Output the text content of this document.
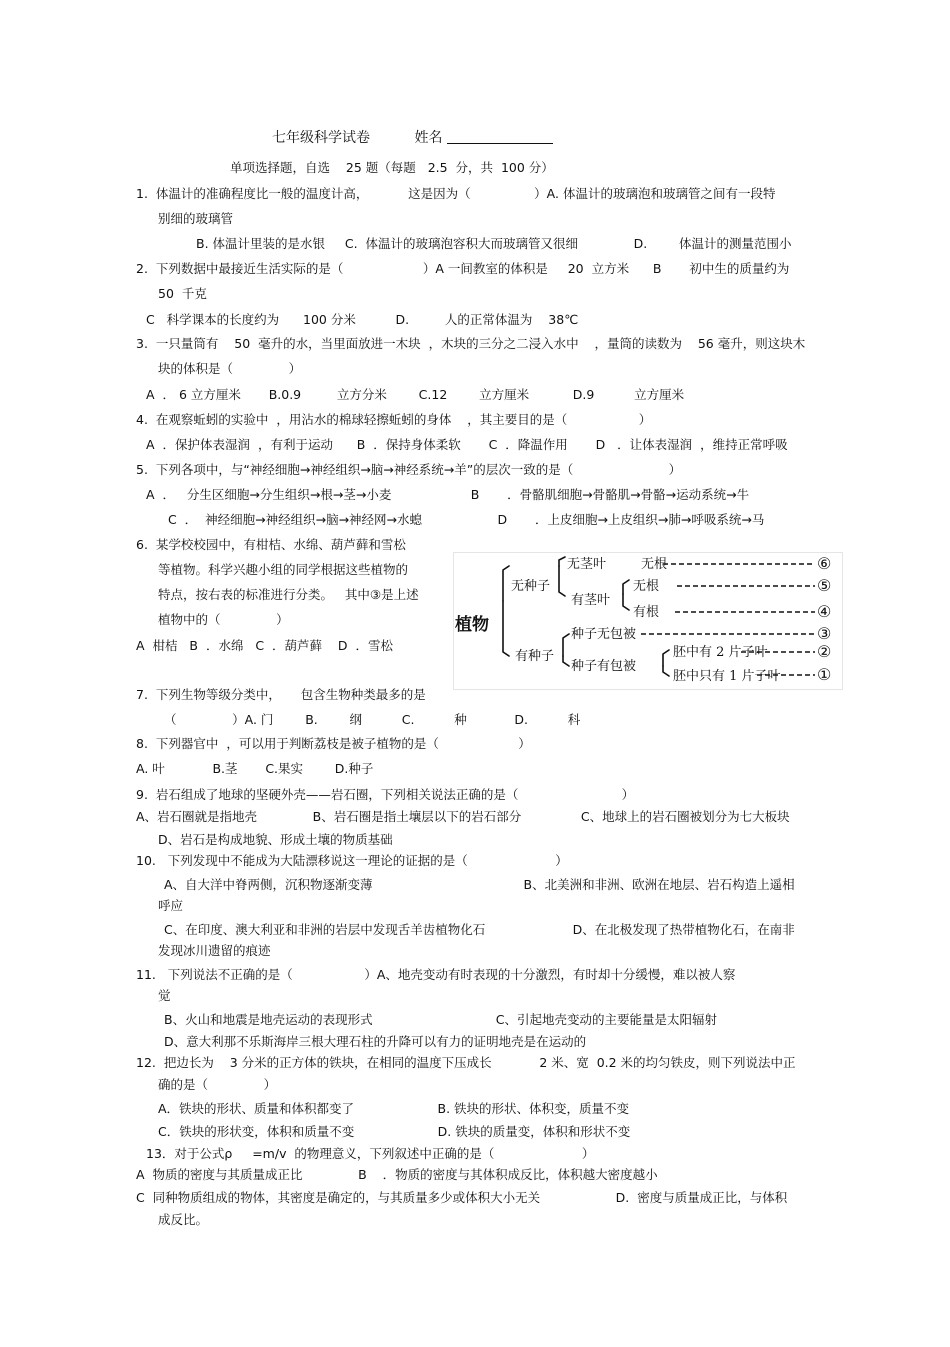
七年级科学试卷	姓名
单项选择题，自选    25 题（每题   2.5  分，共  100 分）
1.  体温计的准确程度比一般的温度计高，          这是因为（                ）A. 体温计的玻璃泡和玻璃管之间有一段特
别细的玻璃管
B. 体温计里装的是水银     C.  体温计的玻璃泡容积大而玻璃管又很细              D.        体温计的测量范围小
2.  下列数据中最接近生活实际的是（                    ）A 一间教室的体积是     20  立方米      B       初中生的质量约为
50  千克
C   科学课本的长度约为      100 分米          D.         人的正常体温为    38℃
3.  一只量筒有    50  毫升的水，当里面放进一木块  ，木块的三分之二浸入水中    ，量筒的读数为    56 毫升，则这块木
块的体积是（              ）
A  ． 6 立方厘米       B.0.9         立方分米        C.12        立方厘米           D.9          立方厘米
4.  在观察蚯蚓的实验中  ，用沾水的棉球轻擦蚯蚓的身体    ，其主要目的是（                  ）
A  ．保护体表湿润  ，有利于运动      B  ．保持身体柔软       C  ．降温作用       D   ．让体表湿润  ，维持正常呼吸
5.  下列各项中，与“神经细胞→神经组织→脑→神经系统→羊”的层次一致的是（                        ）
A  ．   分生区细胞→分生组织→根→茎→小麦                    B       ．骨骼肌细胞→骨骼肌→骨骼→运动系统→牛
C  ．  神经细胞→神经组织→脑→神经网→水螅                   D       ．上皮细胞→上皮组织→肺→呼吸系统→马
6.  某学校校园中，有柑桔、水绵、葫芦藓和雪松
等植物。科学兴趣小组的同学根据这些植物的
特点，按右表的标准进行分类。   其中③是上述
植物中的（              ）
A  柑桔   B  ．水绵   C  ．葫芦藓    D  ．雪松
植物
无种子
有种子
无茎叶	无根
有茎叶
无根
有根
种子无包被
种子有包被
胚中有 2 片子叶
胚中只有 1 片子叶
⑥
⑤
④
③
②
①
7.  下列生物等级分类中，     包含生物种类最多的是
（              ）A. 门        B.        纲          C.          种            D.          科
8.  下列器官中  ，可以用于判断荔枝是被子植物的是（                    ）
A. 叶            B.茎       C.果实        D.种子
9.  岩石组成了地球的坚硬外壳——岩石圈，下列相关说法正确的是（                          ）
A、岩石圈就是指地壳              B、岩石圈是指土壤层以下的岩石部分               C、地球上的岩石圈被划分为七大板块
D、岩石是构成地貌、形成土壤的物质基础
10.   下列发现中不能成为大陆漂移说这一理论的证据的是（                      ）
A、自大洋中脊两侧，沉积物逐渐变薄                                      B、北美洲和非洲、欧洲在地层、岩石构造上遥相
呼应
C、在印度、澳大利亚和非洲的岩层中发现舌羊齿植物化石                      D、在北极发现了热带植物化石，在南非
发现冰川遗留的痕迹
11.   下列说法不正确的是（                  ）A、地壳变动有时表现的十分激烈，有时却十分缓慢，难以被人察
觉
B、火山和地震是地壳运动的表现形式                               C、引起地壳变动的主要能量是太阳辐射
D、意大利那不乐斯海岸三根大理石柱的升降可以有力的证明地壳是在运动的
12.  把边长为    3 分米的正方体的铁块，在相同的温度下压成长            2 米、宽  0.2 米的均匀铁皮，则下列说法中正
确的是（              ）
A．铁块的形状、质量和体积都变了                     B. 铁块的形状、体积变，质量不变
C．铁块的形状变，体积和质量不变                     D. 铁块的质量变，体积和形状不变
13．对于公式ρ     =m/v  的物理意义，下列叙述中正确的是（                      ）
A  物质的密度与其质量成正比              B    ．物质的密度与其体积成反比，体积越大密度越小
C  同种物质组成的物体，其密度是确定的，与其质量多少或体积大小无关                   D.  密度与质量成正比，与体积
成反比。
